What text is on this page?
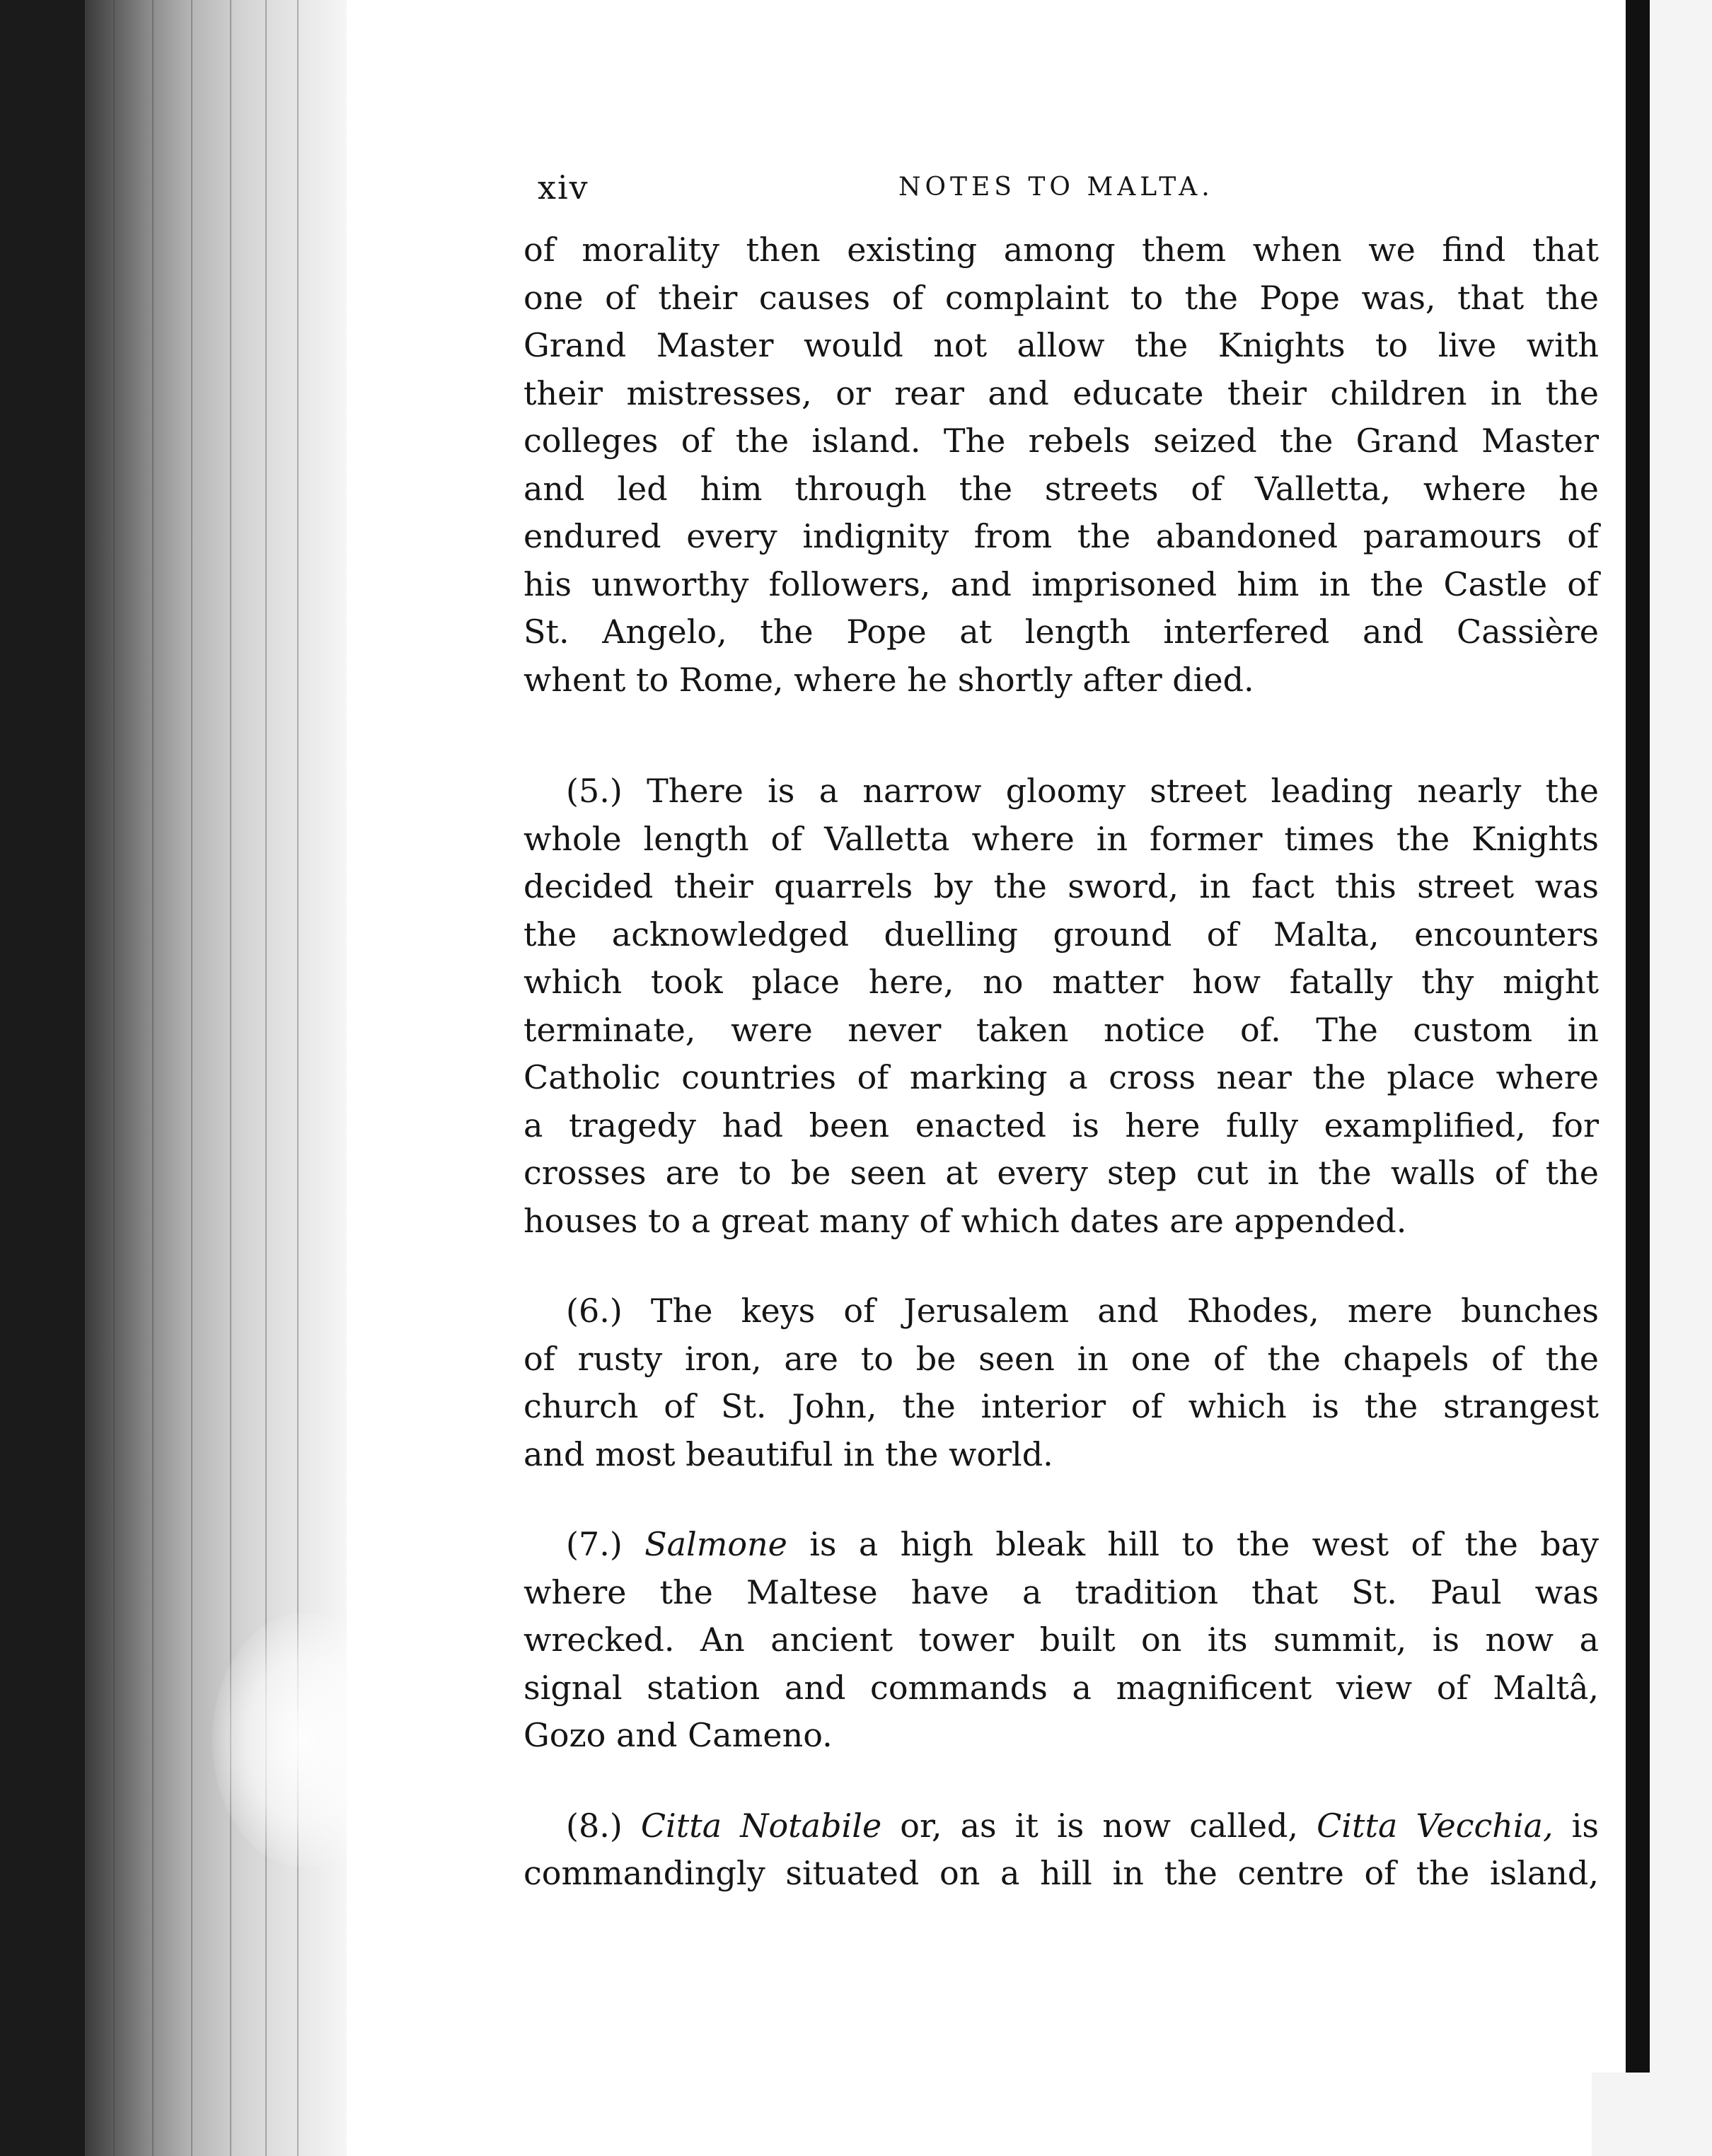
xiv	NOTES TO MALTA.

of morality then existing among them when we find that
one of their causes of complaint to the Pope was, that the
Grand Master would not allow the Knights to live with
their mistresses, or rear and educate their children in the
colleges of the island. The rebels seized the Grand Master
and led him through the streets of Valletta, where he
endured every indignity from the abandoned paramours of
his unworthy followers, and imprisoned him in the Castle of
St. Angelo, the Pope at length interfered and Cassière
whent to Rome, where he shortly after died.

(5.) There is a narrow gloomy street leading nearly the
whole length of Valletta where in former times the Knights
decided their quarrels by the sword, in fact this street was
the acknowledged duelling ground of Malta, encounters
which took place here, no matter how fatally thy might
terminate, were never taken notice of. The custom in
Catholic countries of marking a cross near the place where
a tragedy had been enacted is here fully examplified, for
crosses are to be seen at every step cut in the walls of the
houses to a great many of which dates are appended.

(6.) The keys of Jerusalem and Rhodes, mere bunches
of rusty iron, are to be seen in one of the chapels of the
church of St. John, the interior of which is the strangest
and most beautiful in the world.

(7.) Salmone is a high bleak hill to the west of the bay
where the Maltese have a tradition that St. Paul was
wrecked. An ancient tower built on its summit, is now a
signal station and commands a magnificent view of Maltâ,
Gozo and Cameno.

(8.) Citta Notabile or, as it is now called, Citta Vecchia, is
commandingly situated on a hill in the centre of the island,
